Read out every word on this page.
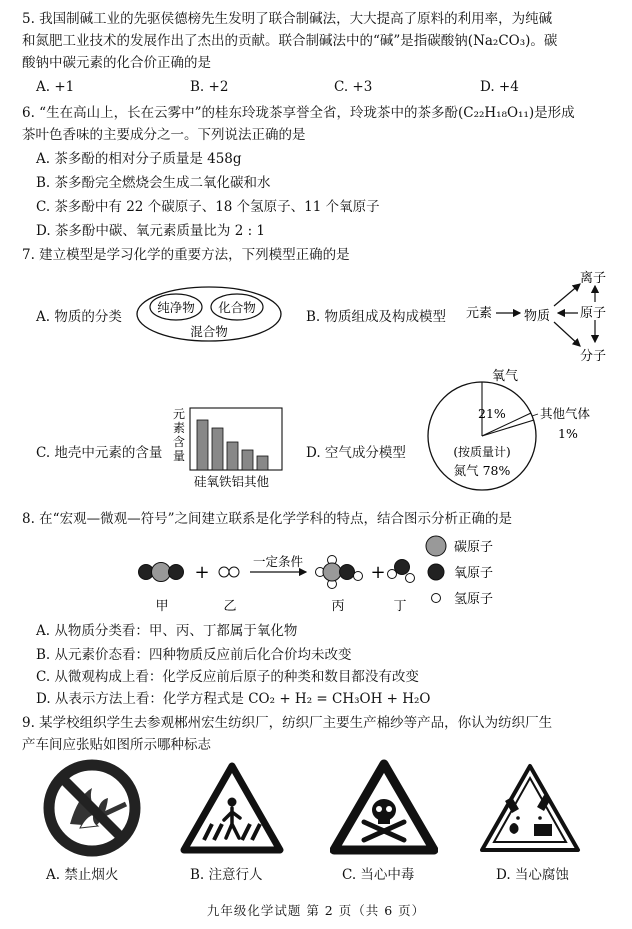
5. 我国制碱工业的先驱侯德榜先生发明了联合制碱法，大大提高了原料的利用率，为纯碱
和氮肥工业技术的发展作出了杰出的贡献。联合制碱法中的“碱”是指碳酸钠(Na₂CO₃)。碳
酸钠中碳元素的化合价正确的是
A. +1	B. +2	C. +3	D. +4
6. “生在高山上，长在云雾中”的桂东玲珑茶享誉全省，玲珑茶中的茶多酚(C₂₂H₁₈O₁₁)是形成
茶叶色香味的主要成分之一。下列说法正确的是
A. 茶多酚的相对分子质量是 458g
B. 茶多酚完全燃烧会生成二氧化碳和水
C. 茶多酚中有 22 个碳原子、18 个氢原子、11 个氧原子
D. 茶多酚中碳、氧元素质量比为 2 : 1
7. 建立模型是学习化学的重要方法，下列模型正确的是
A. 物质的分类
纯净物 化合物
混合物
B. 物质组成及构成模型 元素 物质
离子
原子
分子
C. 地壳中元素的含量
元
素
含
量
硅氧铁铝其他
D. 空气成分模型
氧气
21%	其他气体
1%
(按质量计)
氮气 78%
8. 在“宏观—微观—符号”之间建立联系是化学学科的特点，结合图示分析正确的是
+
一定条件
+
甲	乙	丙	丁
碳原子
氧原子
氢原子
A. 从物质分类看：甲、丙、丁都属于氧化物
B. 从元素价态看：四种物质反应前后化合价均未改变
C. 从微观构成上看：化学反应前后原子的种类和数目都没有改变
D. 从表示方法上看：化学方程式是 CO₂ + H₂ = CH₃OH + H₂O
9. 某学校组织学生去参观郴州宏生纺织厂，纺织厂主要生产棉纱等产品，你认为纺织厂生
产车间应张贴如图所示哪种标志
A. 禁止烟火	B. 注意行人	C. 当心中毒	D. 当心腐蚀
九年级化学试题 第 2 页（共 6 页）
